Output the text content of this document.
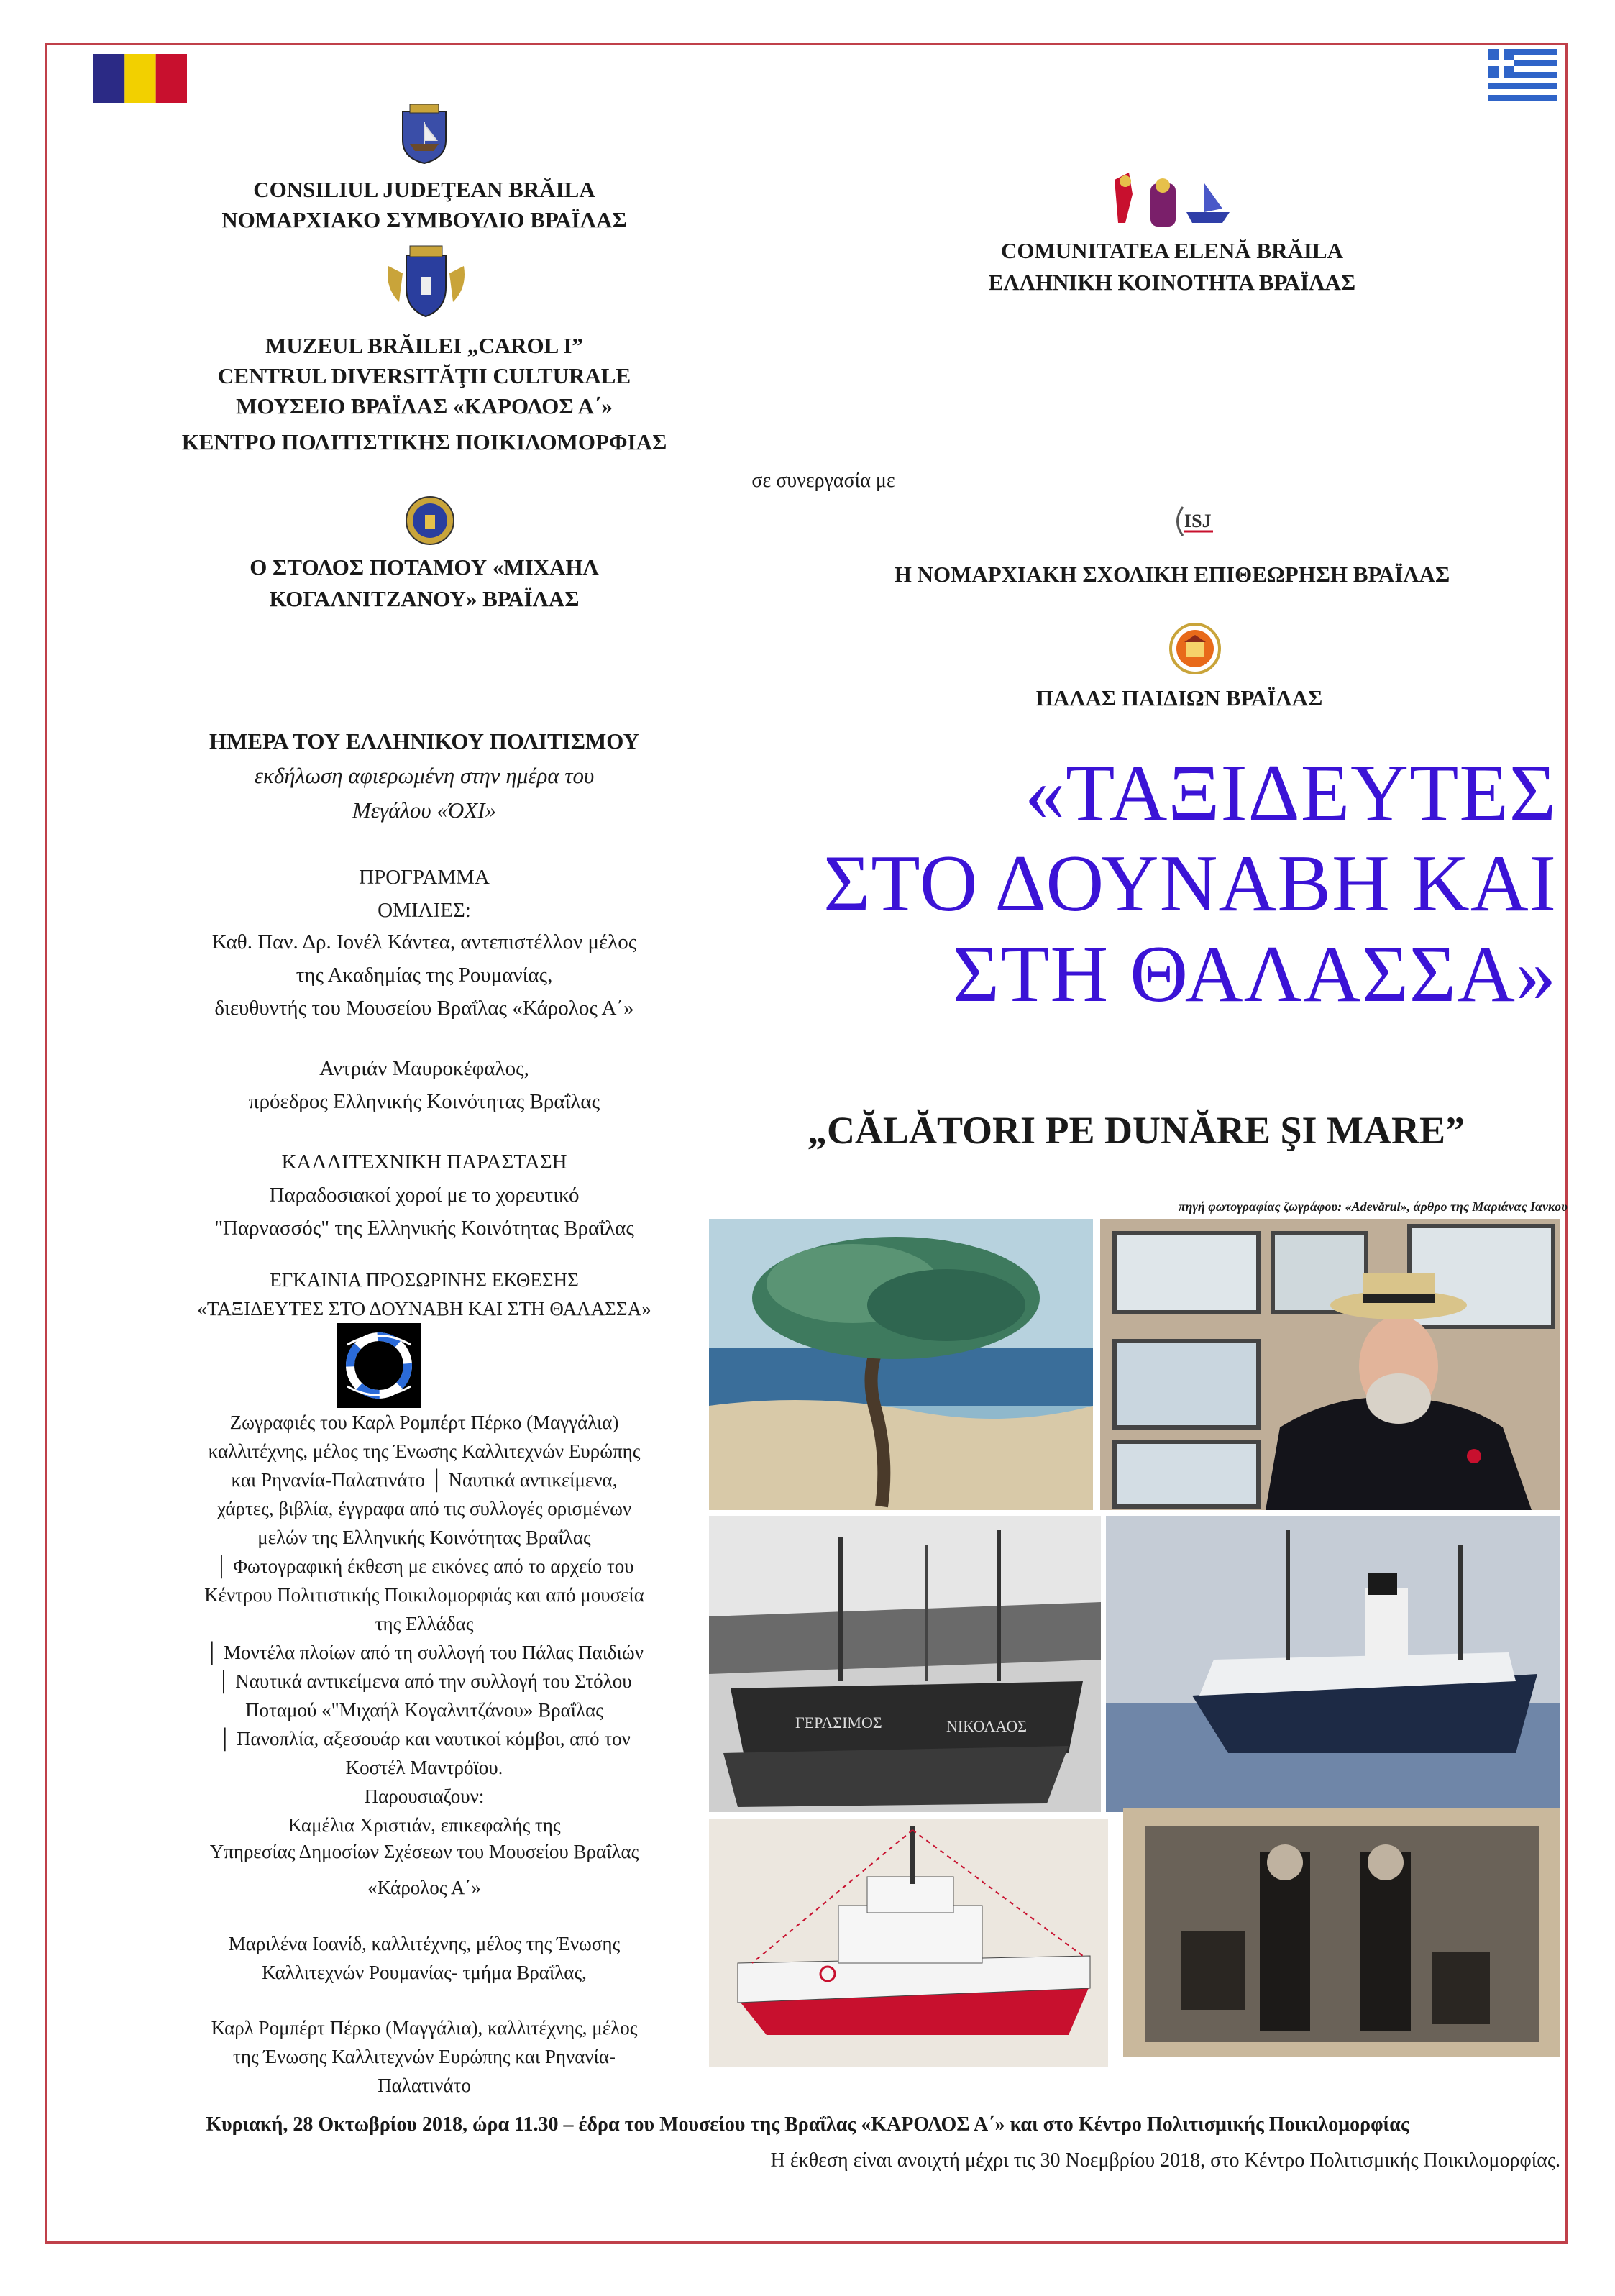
CONSILIUL JUDEŢEAN BRĂILA
ΝΟΜΑΡΧΙΑΚΟ ΣΥΜΒΟΥΛΙΟ ΒΡΑΪΛΑΣ
MUZEUL BRĂILEI „CAROL I”
CENTRUL DIVERSITĂŢII CULTURALE
ΜΟΥΣΕΙΟ ΒΡΑΪΛΑΣ «ΚΑΡΟΛΟΣ Α΄»
ΚΕΝΤΡΟ ΠΟΛΙΤΙΣΤΙΚΗΣ ΠΟΙΚΙΛΟΜΟΡΦΙΑΣ
σε συνεργασία με
COMUNITATEA ELENĂ BRĂILA
ΕΛΛΗΝΙΚΗ ΚΟΙΝΟΤΗΤΑ ΒΡΑΪΛΑΣ
Ο ΣΤΟΛΟΣ ΠΟΤΑΜΟΥ «ΜΙΧΑΗΛ
ΚΟΓΑΛΝΙΤΖΑΝΟΥ» ΒΡΑΪΛΑΣ
ISJ
Η ΝΟΜΑΡΧΙΑΚΗ ΣΧΟΛΙΚΗ ΕΠΙΘΕΩΡΗΣΗ ΒΡΑΪΛΑΣ
ΠΑΛΑΣ ΠΑΙΔΙΩΝ ΒΡΑΪΛΑΣ
ΗΜΕΡΑ ΤΟΥ ΕΛΛΗΝΙΚΟΥ ΠΟΛΙΤΙΣΜΟΥ
εκδήλωση αφιερωμένη στην ημέρα του
Μεγάλου «ΌΧΙ»
ΠΡΟΓΡΑΜΜΑ
ΟΜΙΛΙΕΣ:
Καθ. Παν. Δρ. Ιονέλ Κάντεα, αντεπιστέλλον μέλος
της Ακαδημίας της Ρουμανίας,
διευθυντής του Μουσείου Βραΐλας «Κάρολος Α΄»
Αντριάν Μαυροκέφαλος,
πρόεδρος Ελληνικής Κοινότητας Βραΐλας
ΚΑΛΛΙΤΕΧΝΙΚΗ ΠΑΡΑΣΤΑΣΗ
Παραδοσιακοί χοροί με το χορευτικό
"Παρνασσός" της Ελληνικής Κοινότητας Βραΐλας
ΕΓΚΑΙΝΙΑ ΠΡΟΣΩΡΙΝΗΣ ΕΚΘΕΣΗΣ
«ΤΑΞΙΔΕΥΤΕΣ ΣΤΟ ΔΟΥΝΑΒΗ ΚΑΙ ΣΤΗ ΘΑΛΑΣΣΑ»
Ζωγραφιές του Καρλ Ρομπέρτ Πέρκο (Μαγγάλια)
καλλιτέχνης, μέλος της Ένωσης Καλλιτεχνών Ευρώπης
και Ρηνανία-Παλατινάτο │ Ναυτικά αντικείμενα,
χάρτες, βιβλία, έγγραφα από τις συλλογές ορισμένων
μελών της Ελληνικής Κοινότητας Βραΐλας
│ Φωτογραφική έκθεση με εικόνες από το αρχείο του
Κέντρου Πολιτιστικής Ποικιλομορφιάς και από μουσεία
της Ελλάδας
│ Μοντέλα πλοίων από τη συλλογή του Πάλας Παιδιών
│ Ναυτικά αντικείμενα από την συλλογή του Στόλου
Ποταμού «"Μιχαήλ Κογαλνιτζάνου» Βραΐλας
│ Πανοπλία, αξεσουάρ και ναυτικοί κόμβοι, από τον
Κοστέλ Μαντρόϊου.
Παρουσιαζουν:
Καμέλια Χριστιάν, επικεφαλής της
Υπηρεσίας Δημοσίων Σχέσεων του Μουσείου Βραΐλας
«Κάρολος Α΄»
Μαριλένα Ιοανίδ, καλλιτέχνης, μέλος της Ένωσης
Καλλιτεχνών Ρουμανίας- τμήμα Βραΐλας,
Καρλ Ρομπέρτ Πέρκο (Μαγγάλια), καλλιτέχνης, μέλος
της Ένωσης Καλλιτεχνών Ευρώπης και Ρηνανία-
Παλατινάτο
«ΤΑΞΙΔΕΥΤΕΣ
ΣΤΟ ΔΟΥΝΑΒΗ ΚΑΙ
ΣΤΗ ΘΑΛΑΣΣΑ»
„CĂLĂTORI PE DUNĂRE ŞI MARE”
πηγή φωτογραφίας ζωγράφου: «Adevărul», άρθρο της Μαριάνας Ιανκου
ΓΕΡΑΣΙΜΟΣ	ΝΙΚΟΛΑΟΣ
Κυριακή, 28 Οκτωβρίου 2018, ώρα 11.30 – έδρα του Μουσείου της Βραΐλας «ΚΑΡΟΛΟΣ Α΄» και στο Κέντρο Πολιτισμικής Ποικιλομορφίας
Η έκθεση είναι ανοιχτή μέχρι τις 30 Νοεμβρίου 2018, στο Κέντρο Πολιτισμικής Ποικιλομορφίας.
